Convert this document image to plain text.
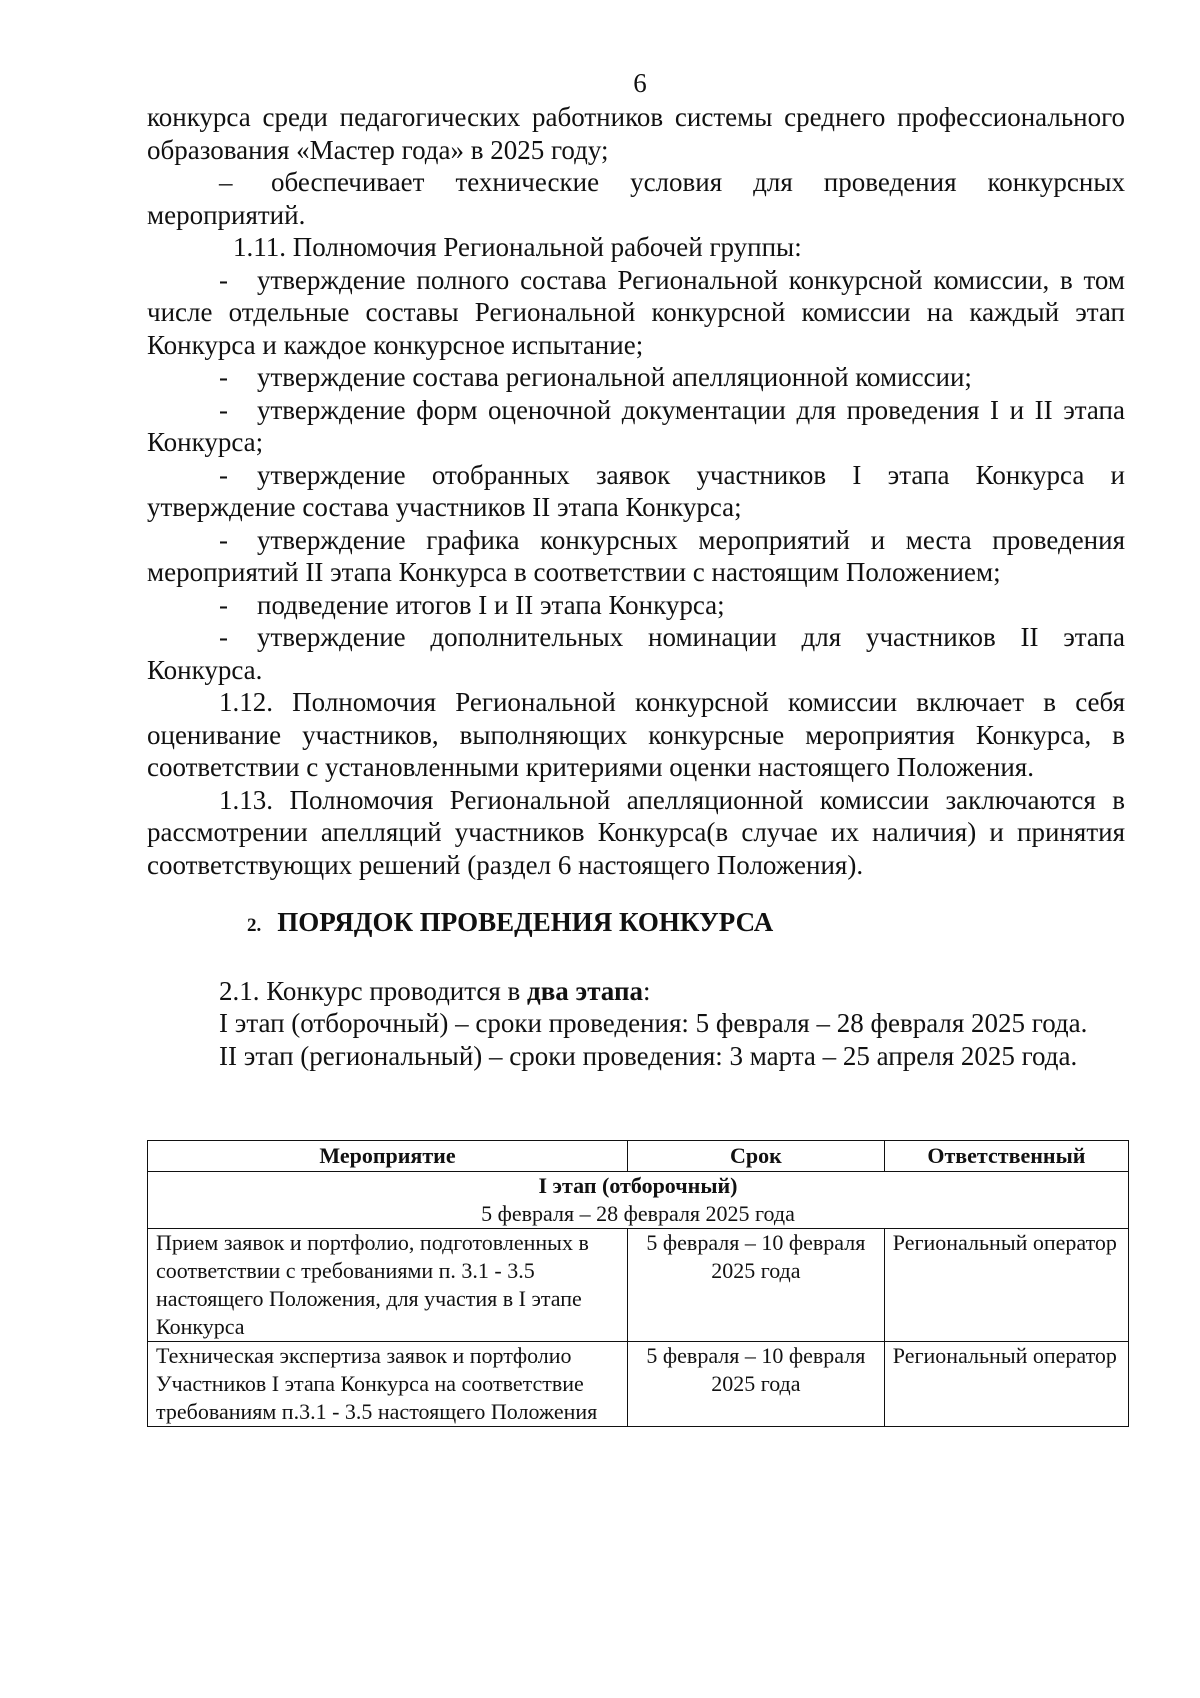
6

конкурса среди педагогических работников системы среднего профессионального образования «Мастер года» в 2025 году;

– обеспечивает технические условия для проведения конкурсных мероприятий.

1.11. Полномочия Региональной рабочей группы:

- утверждение полного состава Региональной конкурсной комиссии, в том числе отдельные составы Региональной конкурсной комиссии на каждый этап Конкурса и каждое конкурсное испытание;

- утверждение состава региональной апелляционной комиссии;

- утверждение форм оценочной документации для проведения I и II этапа Конкурса;

- утверждение отобранных заявок участников I этапа Конкурса и утверждение состава участников II этапа Конкурса;

- утверждение графика конкурсных мероприятий и места проведения мероприятий II этапа Конкурса в соответствии с настоящим Положением;

- подведение итогов I и II этапа Конкурса;

- утверждение дополнительных номинации для участников II этапа Конкурса.

1.12. Полномочия Региональной конкурсной комиссии включает в себя оценивание участников, выполняющих конкурсные мероприятия Конкурса, в соответствии с установленными критериями оценки настоящего Положения.

1.13. Полномочия Региональной апелляционной комиссии заключаются в рассмотрении апелляций участников Конкурса(в случае их наличия) и принятия соответствующих решений (раздел 6 настоящего Положения).

2. ПОРЯДОК ПРОВЕДЕНИЯ КОНКУРСА

2.1. Конкурс проводится в два этапа:

I этап (отборочный) – сроки проведения: 5 февраля – 28 февраля 2025 года.

II этап (региональный) – сроки проведения: 3 марта – 25 апреля 2025 года.

Мероприятие	Срок	Ответственный

I этап (отборочный)
5 февраля – 28 февраля 2025 года		

Прием заявок и портфолио, подготовленных в соответствии с требованиями п. 3.1 - 3.5 настоящего Положения, для участия в I этапе Конкурса	5 февраля – 10 февраля 2025 года	Региональный оператор
Техническая экспертиза заявок и портфолио Участников I этапа Конкурса на соответствие требованиям п.3.1 - 3.5 настоящего Положения	5 февраля – 10 февраля 2025 года	Региональный оператор
